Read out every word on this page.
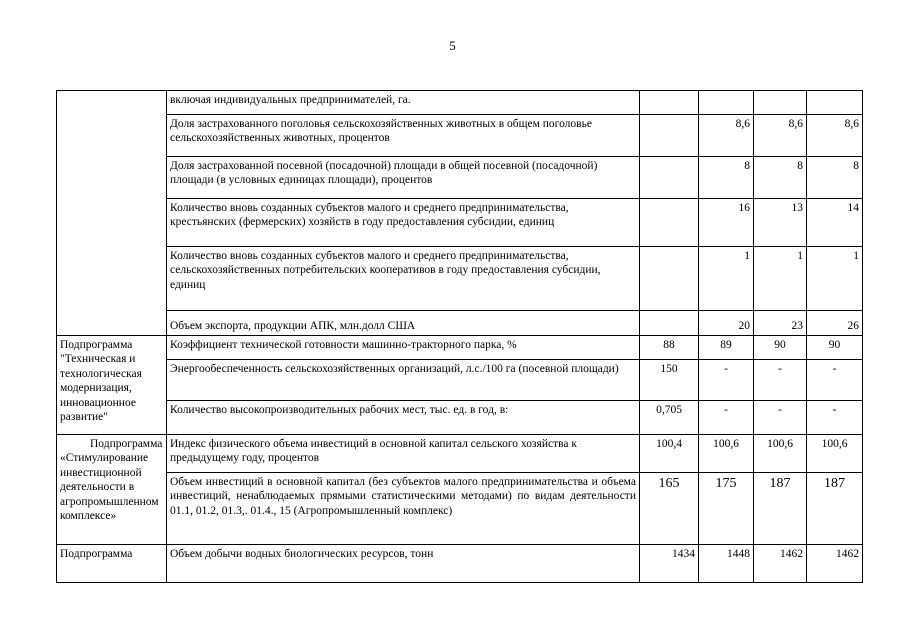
5
	включая индивидуальных предпринимателей, га.				
	Доля застрахованного поголовья сельскохозяйственных животных в общем поголовье сельскохозяйственных животных, процентов		8,6	8,6	8,6
	Доля застрахованной посевной (посадочной) площади в общей посевной (посадочной) площади (в условных единицах площади), процентов		8	8	8
	Количество вновь созданных субъектов малого и среднего предпринимательства, крестьянских (фермерских) хозяйств в году предоставления субсидии, единиц		16	13	14
	Количество вновь созданных субъектов малого и среднего предпринимательства, сельскохозяйственных потребительских кооперативов в году предоставления субсидии, единиц		1	1	1
	Объем экспорта, продукции АПК, млн.долл США		20	23	26
Подпрограмма "Техническая и технологическая модернизация, инновационное развитие"	Коэффициент технической готовности машинно-тракторного парка, %	88	89	90	90
	Энергообеспеченность сельскохозяйственных организаций, л.с./100 га (посевной площади)	150	-	-	-
	Количество высокопроизводительных рабочих мест, тыс. ед. в год, в:	0,705	-	-	-

Подпрограмма «Стимулирование инвестиционной деятельности в агропромышленном комплексе»	Индекс физического объема инвестиций в основной капитал сельского хозяйства к предыдущему году, процентов	100,4	100,6	100,6	100,6
	Объем инвестиций в основной капитал (без субъектов малого предпринимательства и объема инвестиций, ненаблюдаемых прямыми статистическими методами) по видам деятельности 01.1, 01.2, 01.3,. 01.4., 15 (Агропромышленный комплекс)	165	175	187	187
Подпрограмма	Объем добычи водных биологических ресурсов, тонн	1434	1448	1462	1462
